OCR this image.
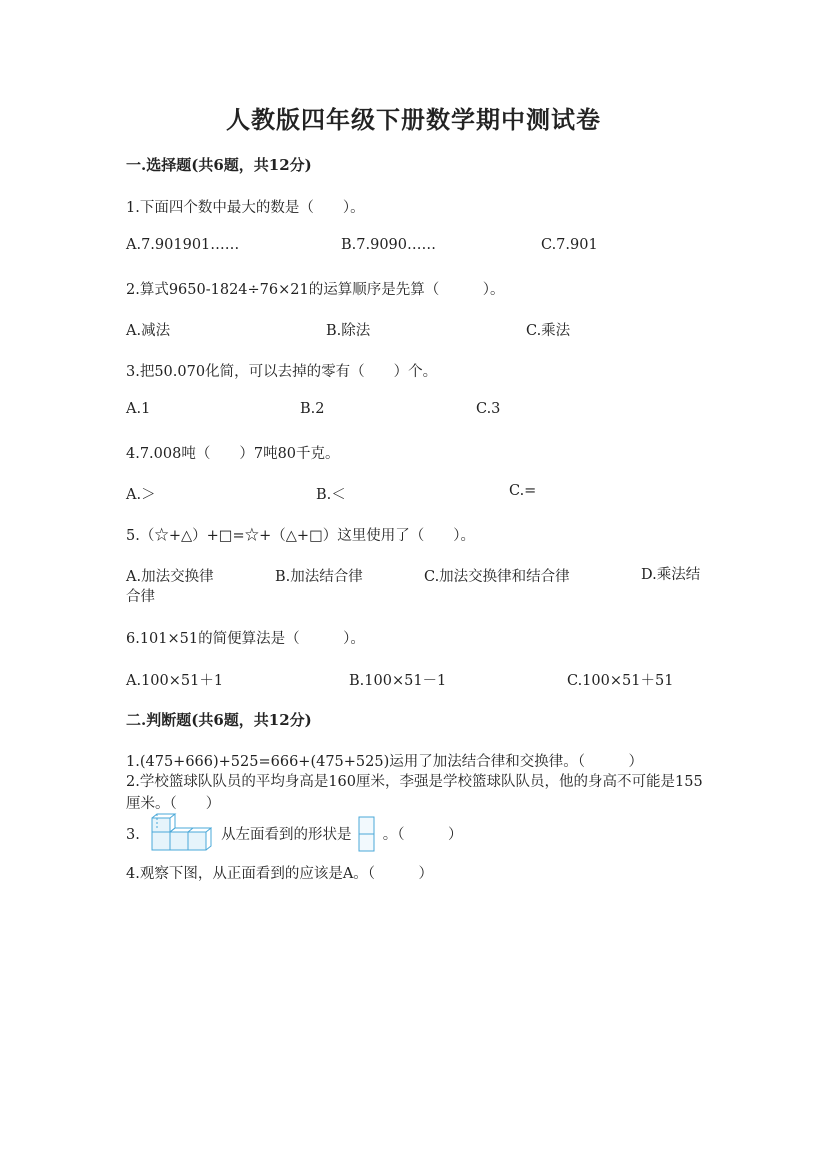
人教版四年级下册数学期中测试卷
一.选择题(共6题，共12分)
1.下面四个数中最大的数是（　　）。
A.7.901901……	B.7.9090……	C.7.901
2.算式9650-1824÷76×21的运算顺序是先算（　　　）。
A.减法	B.除法	C.乘法
3.把50.070化简，可以去掉的零有（　　）个。
A.1	B.2	C.3
4.7.008吨（　　）7吨80千克。
A.＞	B.＜	C.=
5.（☆+△）+□=☆+（△+□）这里使用了（　　）。
A.加法交换律	B.加法结合律	C.加法交换律和结合律	D.乘法结合律
6.101×51的简便算法是（　　　）。
A.100×51＋1	B.100×51－1	C.100×51＋51
二.判断题(共6题，共12分)
1.(475+666)+525=666+(475+525)运用了加法结合律和交换律。（　　　）
2.学校篮球队队员的平均身高是160厘米，李强是学校篮球队队员，他的身高不可能是155厘米。（　　）
3.	从左面看到的形状是 。（　　　）
4.观察下图，从正面看到的应该是A。（　　　）
